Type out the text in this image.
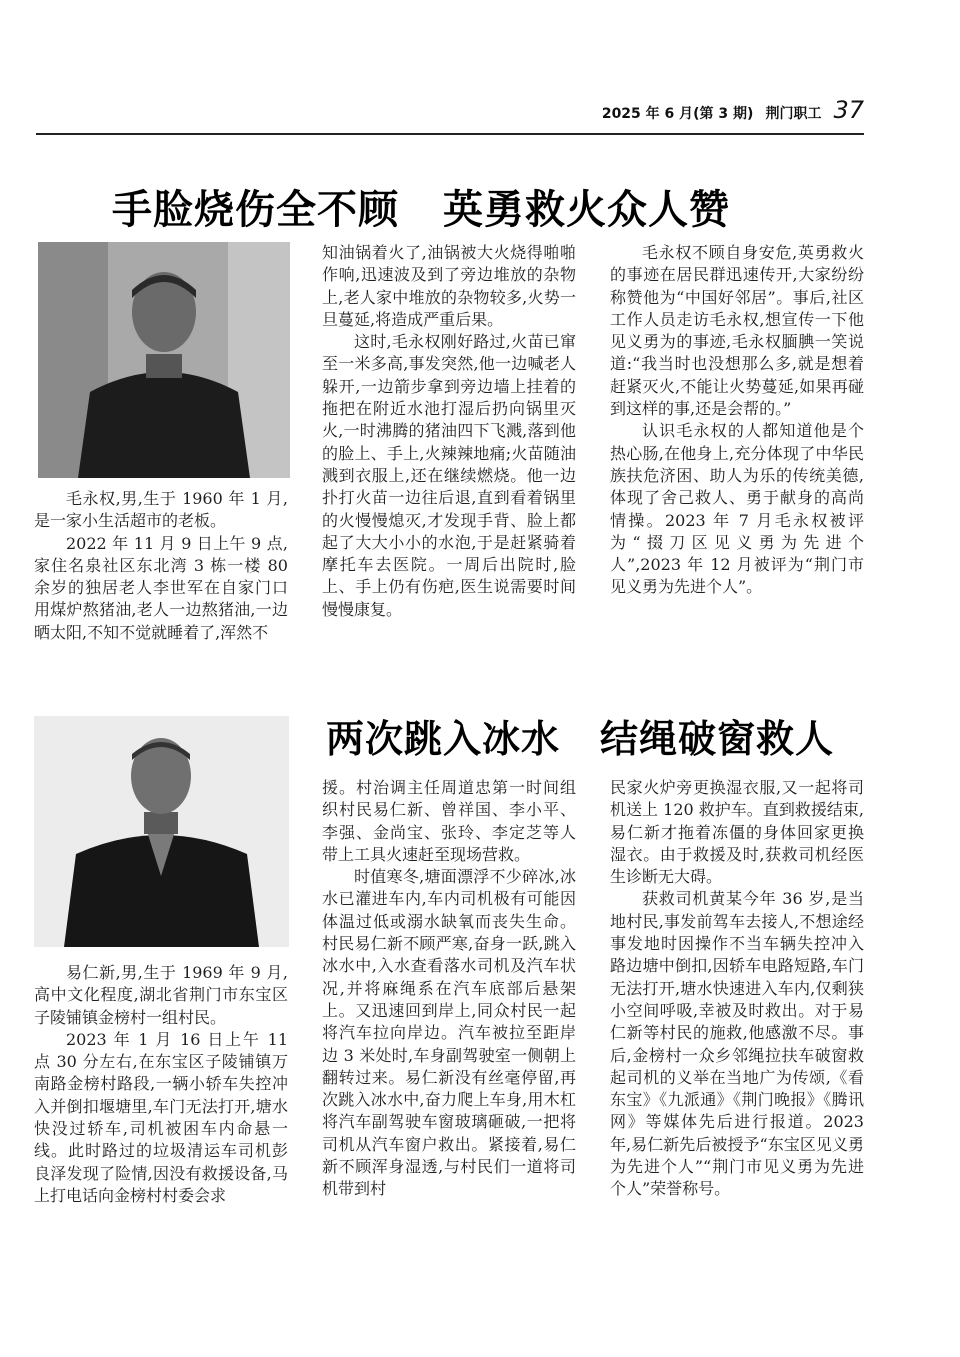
2025 年 6 月(第 3 期) 荆门职工 37
手脸烧伤全不顾 英勇救火众人赞

毛永权,男,生于 1960 年 1 月,是一家小生活超市的老板。

2022 年 11 月 9 日上午 9 点,家住名泉社区东北湾 3 栋一楼 80 余岁的独居老人李世军在自家门口用煤炉熬猪油,老人一边熬猪油,一边晒太阳,不知不觉就睡着了,浑然不

知油锅着火了,油锅被大火烧得啪啪作响,迅速波及到了旁边堆放的杂物上,老人家中堆放的杂物较多,火势一旦蔓延,将造成严重后果。

这时,毛永权刚好路过,火苗已窜至一米多高,事发突然,他一边喊老人躲开,一边箭步拿到旁边墙上挂着的拖把在附近水池打湿后扔向锅里灭火,一时沸腾的猪油四下飞溅,落到他的脸上、手上,火辣辣地痛;火苗随油溅到衣服上,还在继续燃烧。他一边扑打火苗一边往后退,直到看着锅里的火慢慢熄灭,才发现手背、脸上都起了大大小小的水泡,于是赶紧骑着摩托车去医院。一周后出院时,脸上、手上仍有伤疤,医生说需要时间慢慢康复。

毛永权不顾自身安危,英勇救火的事迹在居民群迅速传开,大家纷纷称赞他为“中国好邻居”。事后,社区工作人员走访毛永权,想宣传一下他见义勇为的事迹,毛永权腼腆一笑说道:“我当时也没想那么多,就是想着赶紧灭火,不能让火势蔓延,如果再碰到这样的事,还是会帮的。”

认识毛永权的人都知道他是个热心肠,在他身上,充分体现了中华民族扶危济困、助人为乐的传统美德,体现了舍己救人、勇于献身的高尚情操。2023 年 7 月毛永权被评为“掇刀区见义勇为先进个人”,2023 年 12 月被评为“荆门市见义勇为先进个人”。

两次跳入冰水 结绳破窗救人

易仁新,男,生于 1969 年 9 月,高中文化程度,湖北省荆门市东宝区子陵铺镇金榜村一组村民。

2023 年 1 月 16 日上午 11 点 30 分左右,在东宝区子陵铺镇万南路金榜村路段,一辆小轿车失控冲入并倒扣堰塘里,车门无法打开,塘水快没过轿车,司机被困车内命悬一线。此时路过的垃圾清运车司机彭良泽发现了险情,因没有救援设备,马上打电话向金榜村村委会求

援。村治调主任周道忠第一时间组织村民易仁新、曾祥国、李小平、李强、金尚宝、张玲、李定芝等人带上工具火速赶至现场营救。

时值寒冬,塘面漂浮不少碎冰,冰水已灌进车内,车内司机极有可能因体温过低或溺水缺氧而丧失生命。村民易仁新不顾严寒,奋身一跃,跳入冰水中,入水查看落水司机及汽车状况,并将麻绳系在汽车底部后悬架上。又迅速回到岸上,同众村民一起将汽车拉向岸边。汽车被拉至距岸边 3 米处时,车身副驾驶室一侧朝上翻转过来。易仁新没有丝毫停留,再次跳入冰水中,奋力爬上车身,用木杠将汽车副驾驶车窗玻璃砸破,一把将司机从汽车窗户救出。紧接着,易仁新不顾浑身湿透,与村民们一道将司机带到村

民家火炉旁更换湿衣服,又一起将司机送上 120 救护车。直到救援结束,易仁新才拖着冻僵的身体回家更换湿衣。由于救援及时,获救司机经医生诊断无大碍。

获救司机黄某今年 36 岁,是当地村民,事发前驾车去接人,不想途经事发地时因操作不当车辆失控冲入路边塘中倒扣,因轿车电路短路,车门无法打开,塘水快速进入车内,仅剩狭小空间呼吸,幸被及时救出。对于易仁新等村民的施救,他感激不尽。事后,金榜村一众乡邻绳拉扶车破窗救起司机的义举在当地广为传颂,《看东宝》《九派通》《荆门晚报》《腾讯网》等媒体先后进行报道。2023 年,易仁新先后被授予“东宝区见义勇为先进个人”“荆门市见义勇为先进个人”荣誉称号。
